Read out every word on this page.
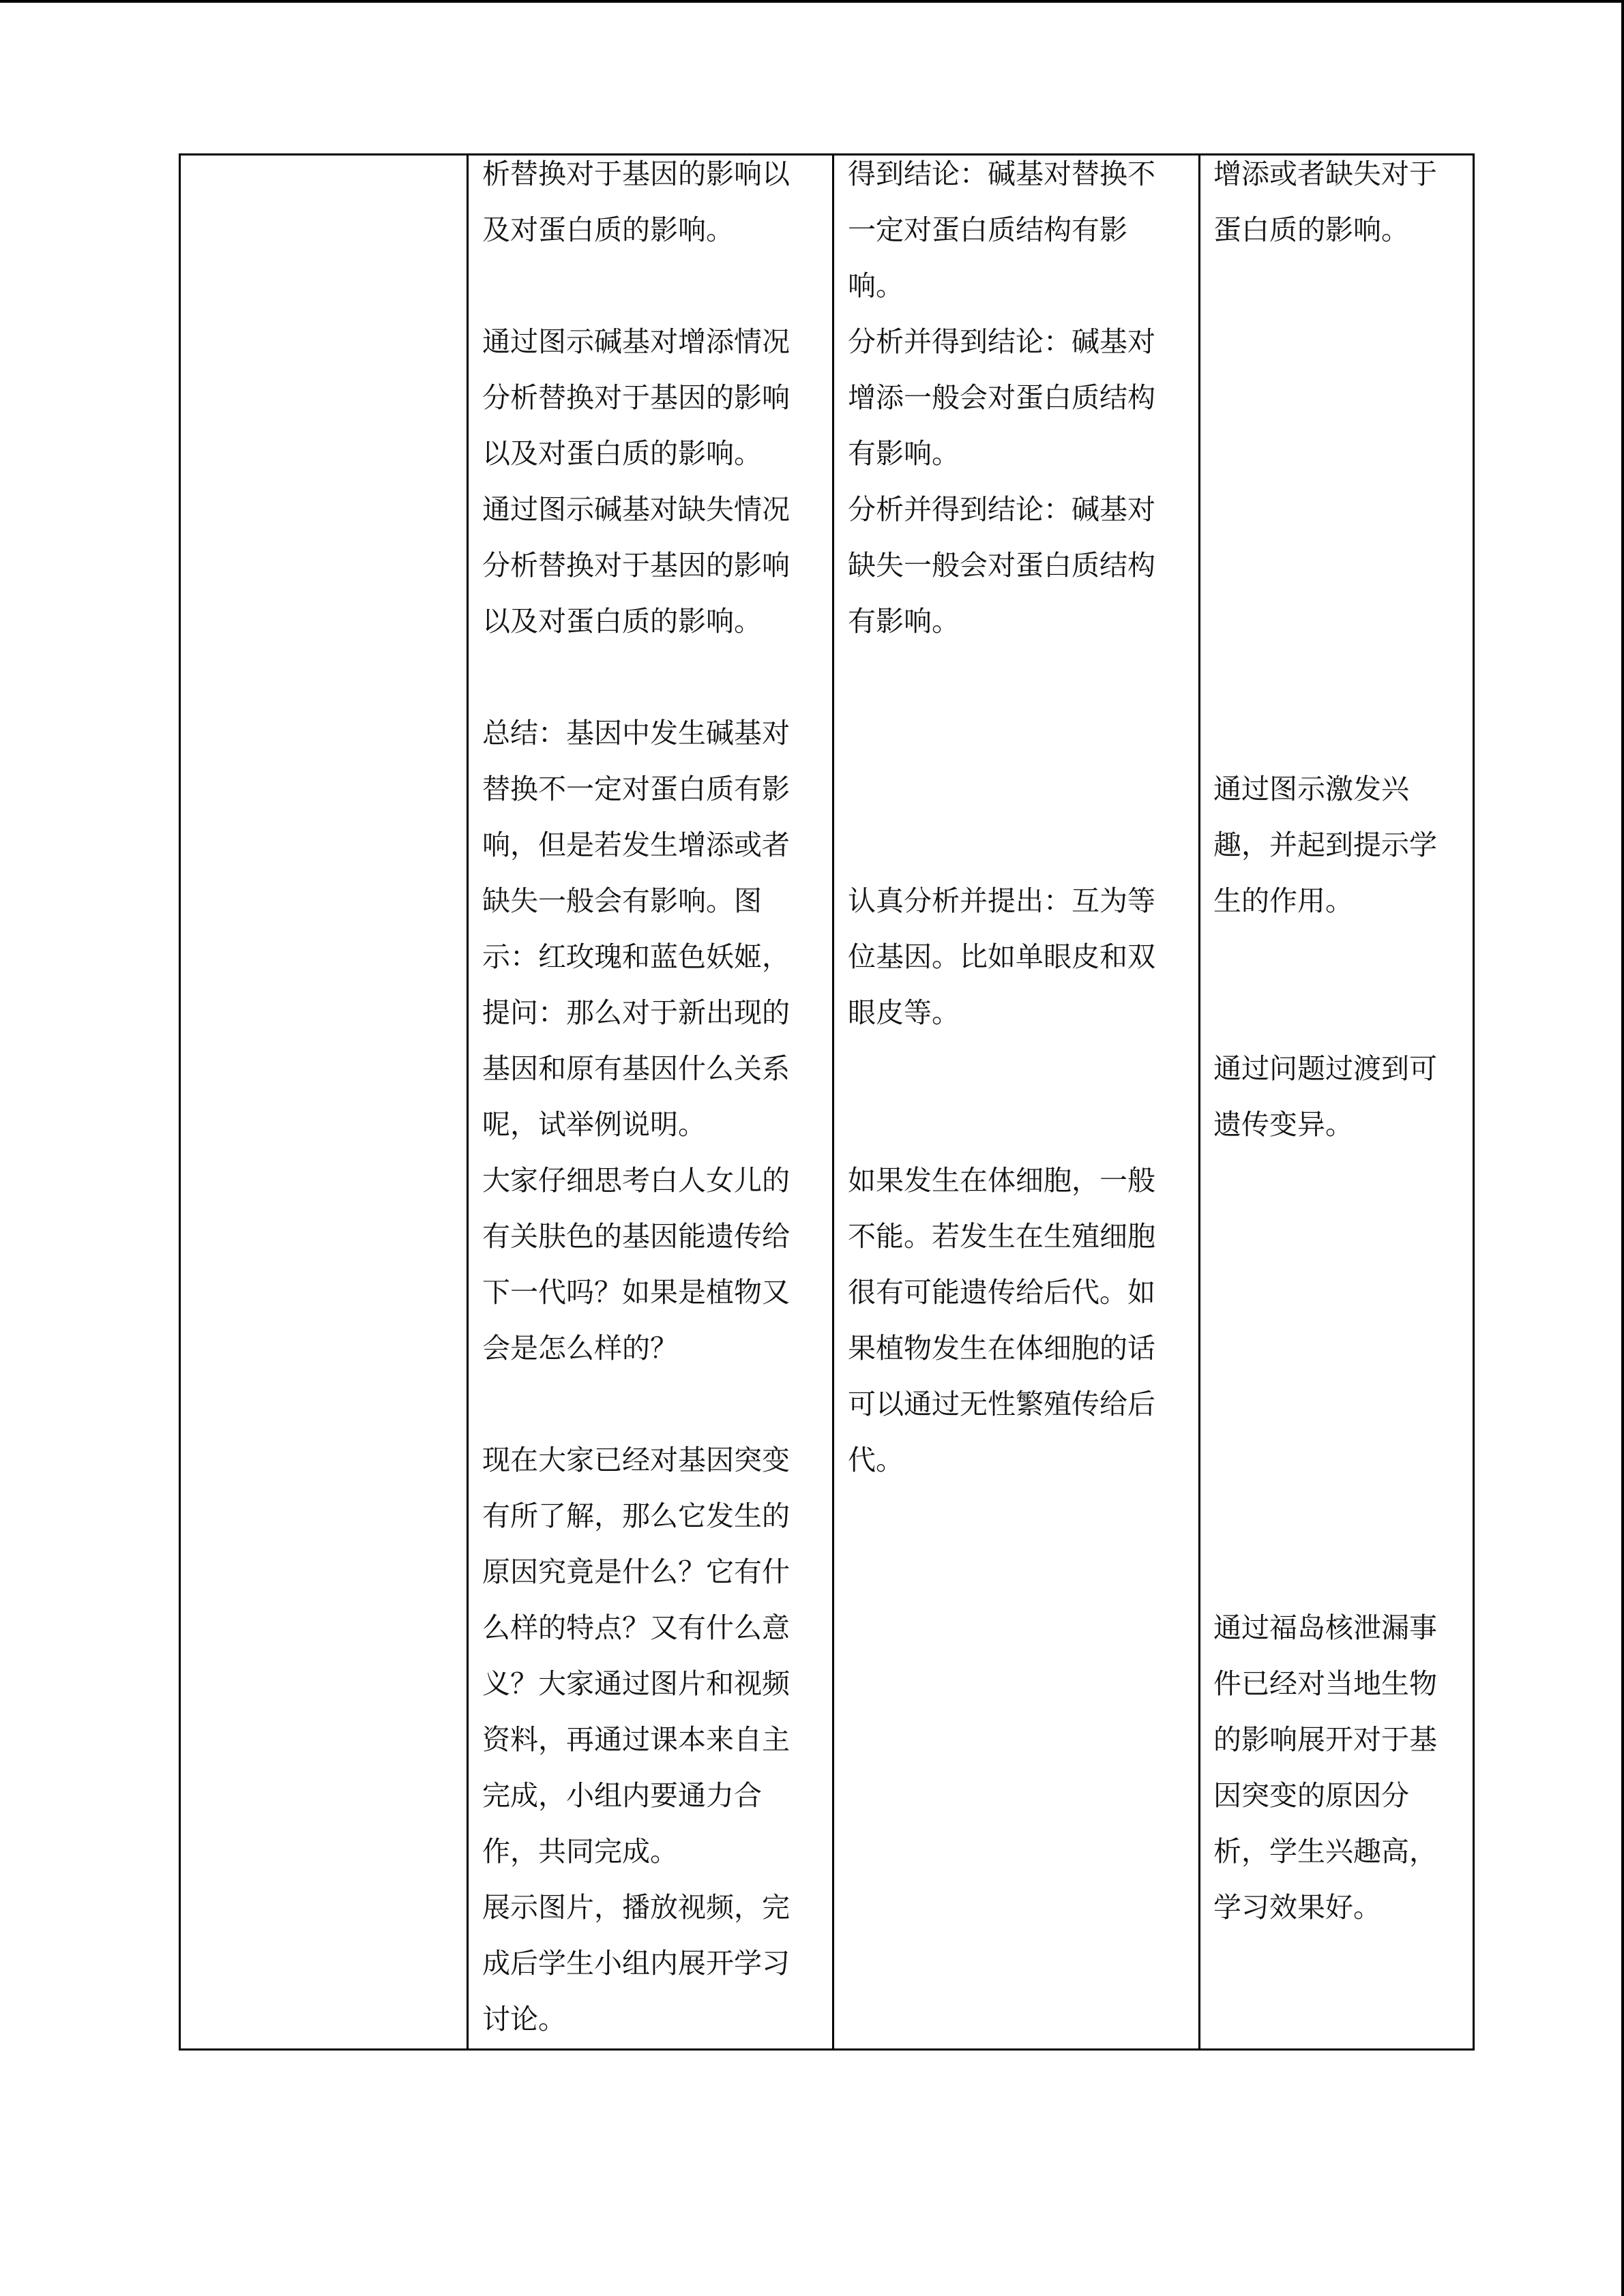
析替换对于基因的影响以
及对蛋白质的影响。
通过图示碱基对增添情况
分析替换对于基因的影响
以及对蛋白质的影响。
通过图示碱基对缺失情况
分析替换对于基因的影响
以及对蛋白质的影响。
总结：基因中发生碱基对
替换不一定对蛋白质有影
响，但是若发生增添或者
缺失一般会有影响。图
示：红玫瑰和蓝色妖姬，
提问：那么对于新出现的
基因和原有基因什么关系
呢，试举例说明。
大家仔细思考白人女儿的
有关肤色的基因能遗传给
下一代吗？如果是植物又
会是怎么样的？
现在大家已经对基因突变
有所了解，那么它发生的
原因究竟是什么？它有什
么样的特点？又有什么意
义？大家通过图片和视频
资料，再通过课本来自主
完成，小组内要通力合
作，共同完成。
展示图片，播放视频，完
成后学生小组内展开学习
讨论。
得到结论：碱基对替换不
一定对蛋白质结构有影
响。
分析并得到结论：碱基对
增添一般会对蛋白质结构
有影响。
分析并得到结论：碱基对
缺失一般会对蛋白质结构
有影响。
认真分析并提出：互为等
位基因。比如单眼皮和双
眼皮等。
如果发生在体细胞，一般
不能。若发生在生殖细胞
很有可能遗传给后代。如
果植物发生在体细胞的话
可以通过无性繁殖传给后
代。
增添或者缺失对于
蛋白质的影响。
通过图示激发兴
趣，并起到提示学
生的作用。
通过问题过渡到可
遗传变异。
通过福岛核泄漏事
件已经对当地生物
的影响展开对于基
因突变的原因分
析，学生兴趣高，
学习效果好。
